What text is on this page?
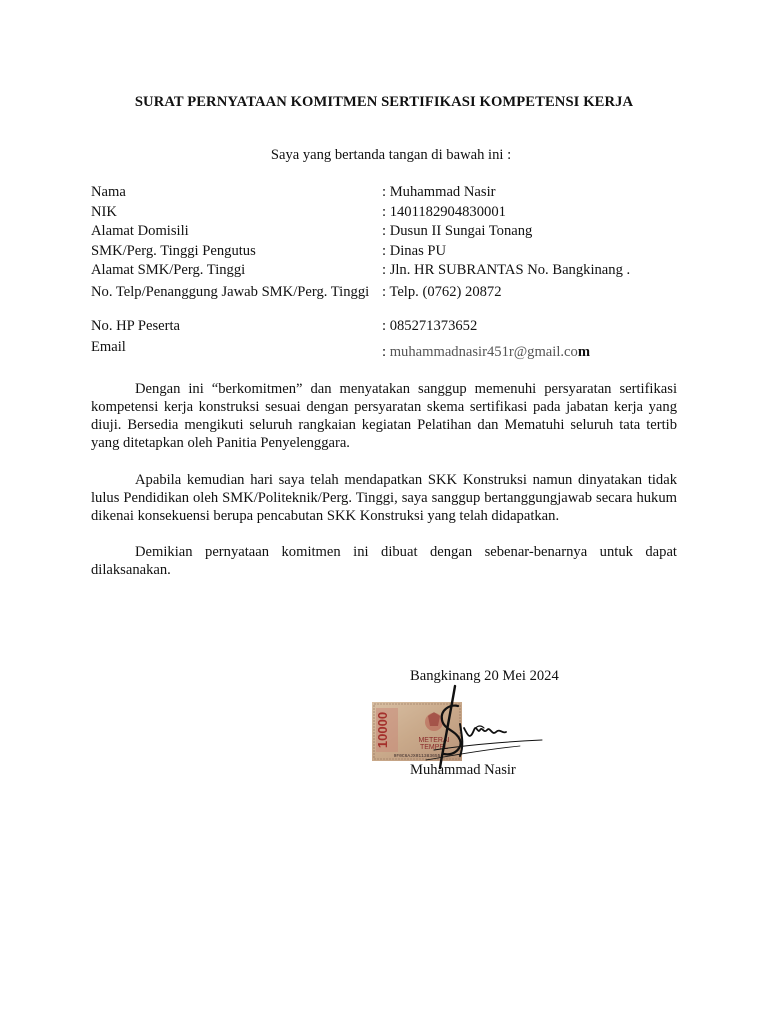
SURAT PERNYATAAN KOMITMEN SERTIFIKASI KOMPETENSI KERJA
Saya yang bertanda tangan di bawah ini :
Nama	: Muhammad Nasir
NIK	: 1401182904830001
Alamat Domisili	: Dusun II Sungai Tonang
SMK/Perg. Tinggi Pengutus	: Dinas PU
Alamat SMK/Perg. Tinggi	: Jln. HR SUBRANTAS No. Bangkinang .
No. Telp/Penanggung Jawab SMK/Perg. Tinggi : Telp. (0762) 20872
No. HP Peserta	: 085271373652
Email	: muhammadnasir451r@gmail.com
Dengan ini “berkomitmen” dan menyatakan sanggup memenuhi persyaratan sertifikasi kompetensi kerja konstruksi sesuai dengan persyaratan skema sertifikasi pada jabatan kerja yang diuji. Bersedia mengikuti seluruh rangkaian kegiatan Pelatihan dan Mematuhi seluruh tata tertib yang ditetapkan oleh Panitia Penyelenggara.
Apabila kemudian hari saya telah mendapatkan SKK Konstruksi namun dinyatakan tidak lulus Pendidikan oleh SMK/Politeknik/Perg. Tinggi, saya sanggup bertanggungjawab secara hukum dikenai konsekuensi berupa pencabutan SKK Konstruksi yang telah didapatkan.
Demikian pernyataan komitmen ini dibuat dengan sebenar-benarnya untuk dapat dilaksanakan.
Bangkinang 20 Mei 2024
10000	METERAI
TEMPEL
9F0C6AJX011383655
Muhammad Nasir
